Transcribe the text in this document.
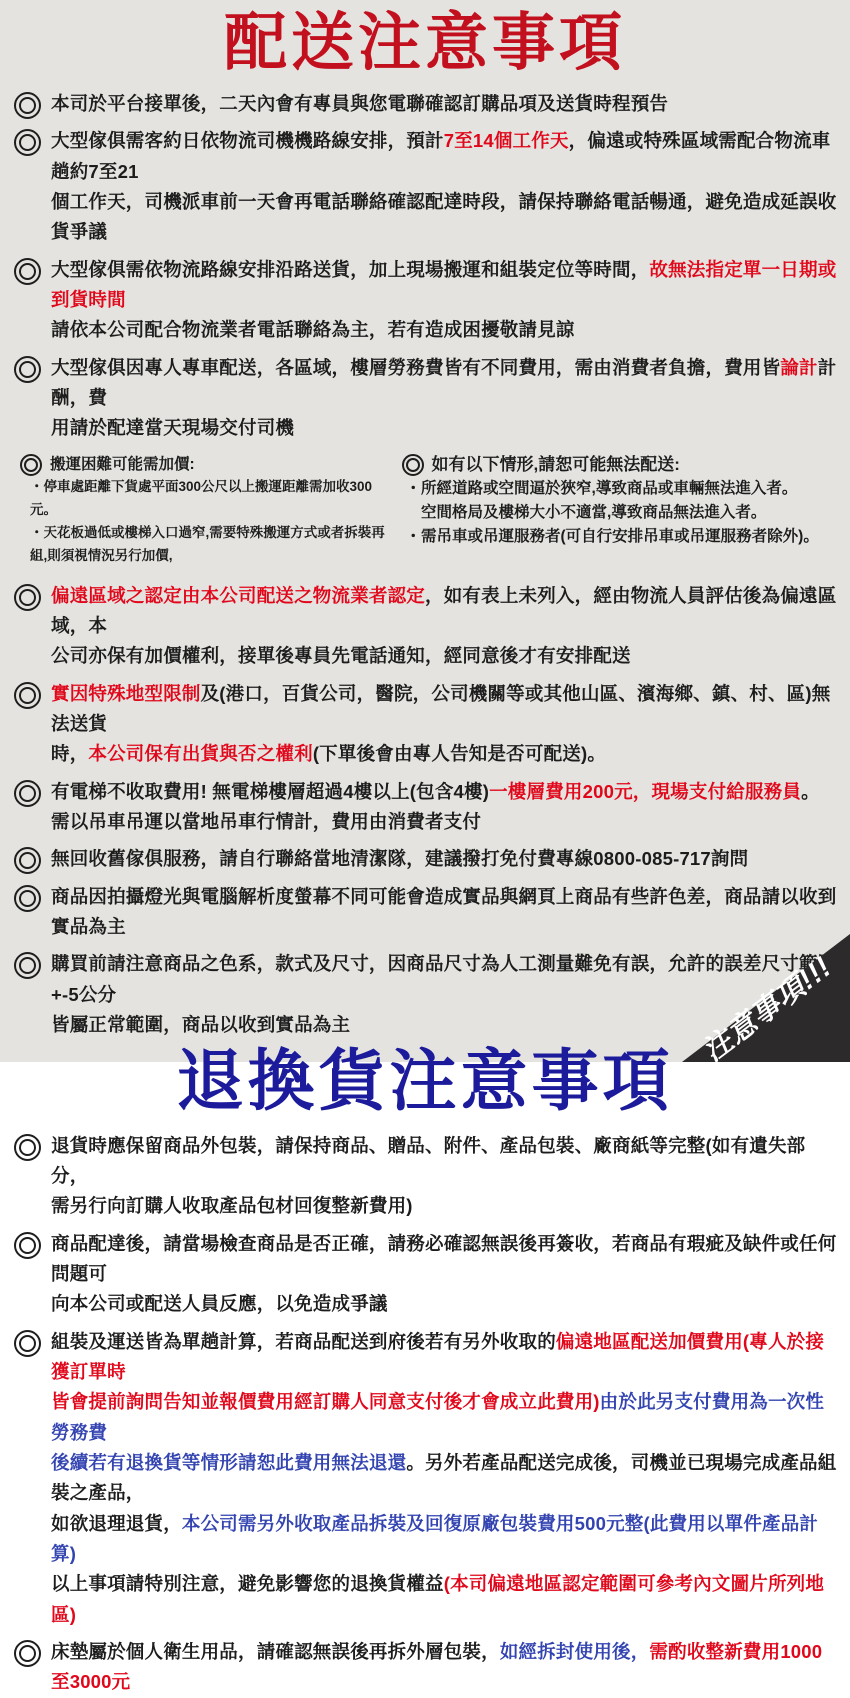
配送注意事項
本司於平台接單後，二天內會有專員與您電聯確認訂購品項及送貨時程預告
大型傢俱需客約日依物流司機機路線安排，預計7至14個工作天，偏遠或特殊區域需配合物流車趟約7至21
個工作天，司機派車前一天會再電話聯絡確認配達時段，請保持聯絡電話暢通，避免造成延誤收貨爭議
大型傢俱需依物流路線安排沿路送貨，加上現場搬運和組裝定位等時間，故無法指定單一日期或到貨時間
請依本公司配合物流業者電話聯絡為主，若有造成困擾敬請見諒
大型傢俱因專人專車配送，各區域，樓層勞務費皆有不同費用，需由消費者負擔，費用皆論計計酬，費
用請於配達當天現場交付司機
搬運困難可能需加價:
・停車處距離下貨處平面300公尺以上搬運距離需加收300元。
・天花板過低或樓梯入口過窄,需要特殊搬運方式或者拆裝再組,則須視情況另行加價,
如有以下情形,請恕可能無法配送:
・所經道路或空間逼於狹窄,導致商品或車輛無法進入者。
　空間格局及樓梯大小不適當,導致商品無法進入者。
・需吊車或吊運服務者(可自行安排吊車或吊運服務者除外)。
偏遠區域之認定由本公司配送之物流業者認定，如有表上未列入，經由物流人員評估後為偏遠區域，本
公司亦保有加價權利，接單後專員先電話通知，經同意後才有安排配送
實因特殊地型限制及(港口，百貨公司，醫院，公司機關等或其他山區、濱海鄉、鎮、村、區)無法送貨
時，本公司保有出貨與否之權利(下單後會由專人告知是否可配送)。
有電梯不收取費用! 無電梯樓層超過4樓以上(包含4樓)一樓層費用200元，現場支付給服務員。
需以吊車吊運以當地吊車行情計，費用由消費者支付
無回收舊傢俱服務，請自行聯絡當地清潔隊，建議撥打免付費專線0800-085-717詢問
商品因拍攝燈光與電腦解析度螢幕不同可能會造成實品與網頁上商品有些許色差，商品請以收到實品為主
購買前請注意商品之色系，款式及尺寸，因商品尺寸為人工測量難免有誤，允許的誤差尺寸範圍+-5公分
皆屬正常範圍，商品以收到實品為主
退換貨注意事項
退貨時應保留商品外包裝，請保持商品、贈品、附件、產品包裝、廠商紙等完整(如有遺失部分，
需另行向訂購人收取產品包材回復整新費用)
商品配達後，請當場檢查商品是否正確，請務必確認無誤後再簽收，若商品有瑕疵及缺件或任何問題可
向本公司或配送人員反應，以免造成爭議
組裝及運送皆為單趟計算，若商品配送到府後若有另外收取的偏遠地區配送加價費用(專人於接獲訂單時
皆會提前詢問告知並報價費用經訂購人同意支付後才會成立此費用)由於此另支付費用為一次性勞務費
後續若有退換貨等情形請恕此費用無法退還。另外若產品配送完成後，司機並已現場完成產品組裝之產品，
如欲退理退貨，本公司需另外收取產品拆裝及回復原廠包裝費用500元整(此費用以單件產品計算)
以上事項請特別注意，避免影響您的退換貨權益(本司偏遠地區認定範圍可參考內文圖片所列地區)
床墊屬於個人衛生用品，請確認無誤後再拆外層包裝，如經拆封使用後，需酌收整新費用1000至3000元
注意事項!!!
